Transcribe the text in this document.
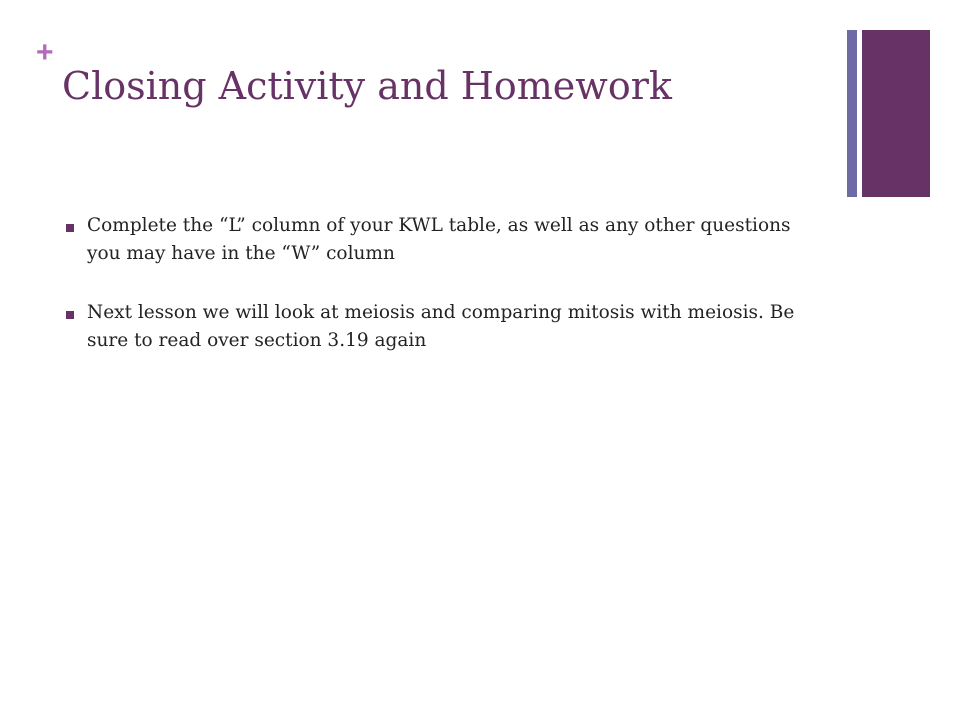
+
Closing Activity and Homework
Complete the “L” column of your KWL table, as well as any other questions you may have in the “W” column
Next lesson we will look at meiosis and comparing mitosis with meiosis. Be sure to read over section 3.19 again
